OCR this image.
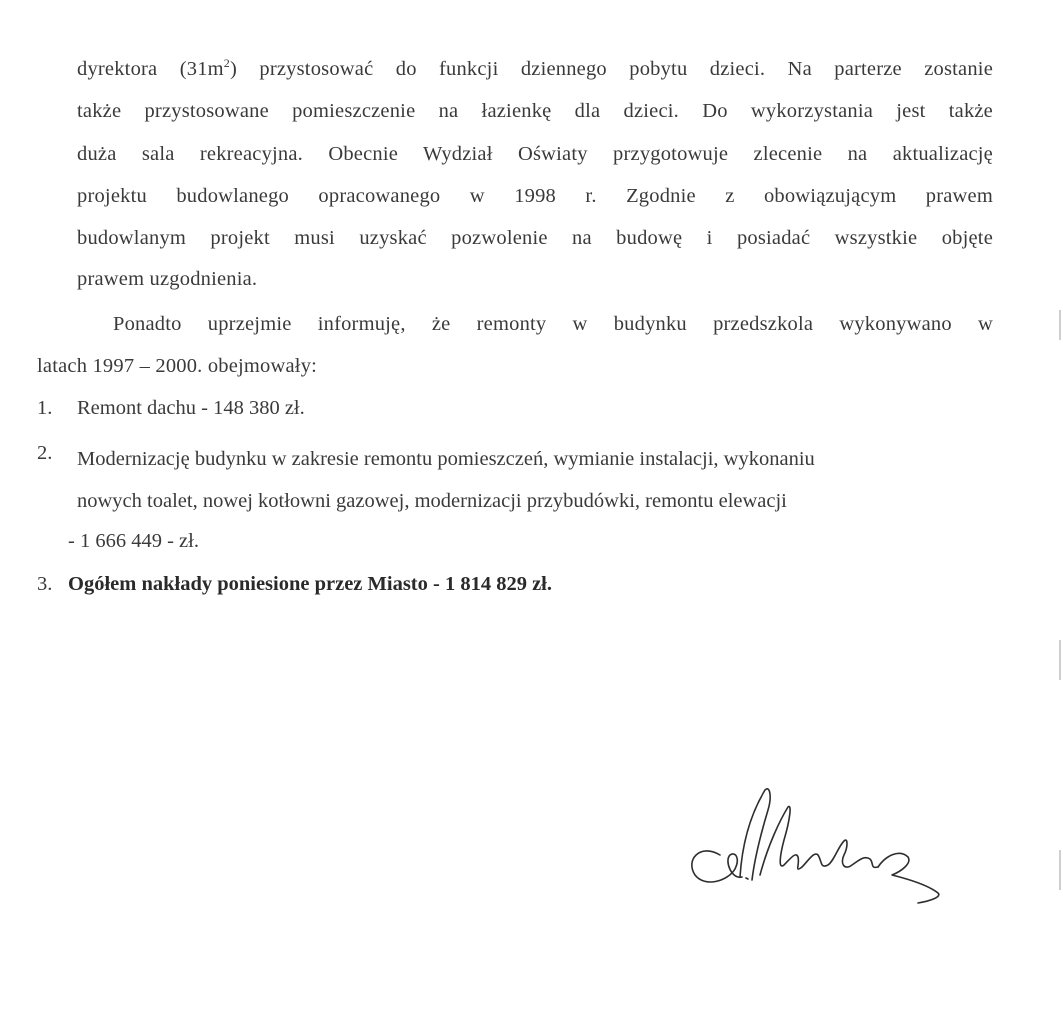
dyrektora $(31m^2)$ przystosować do funkcji dziennego pobytu dzieci. Na parterze zostanie
także przystosowane pomieszczenie na łazienkę dla dzieci. Do wykorzystania jest także
duża sala rekreacyjna. Obecnie Wydział Oświaty przygotowuje zlecenie na aktualizację
projektu budowlanego opracowanego w 1998 r. Zgodnie z obowiązującym prawem
budowlanym projekt musi uzyskać pozwolenie na budowę i posiadać wszystkie objęte
prawem uzgodnienia.
Ponadto uprzejmie informuję, że remonty w budynku przedszkola wykonywano w
latach 1997 – 2000. obejmowały:
1. Remont dachu - 148 380 zł.
2. Modernizację budynku w zakresie remontu pomieszczeń, wymianie instalacji, wykonaniu
nowych toalet, nowej kotłowni gazowej, modernizacji przybudówki, remontu elewacji
- 1 666 449 - zł.
3. Ogółem nakłady poniesione przez Miasto - 1 814 829 zł.
